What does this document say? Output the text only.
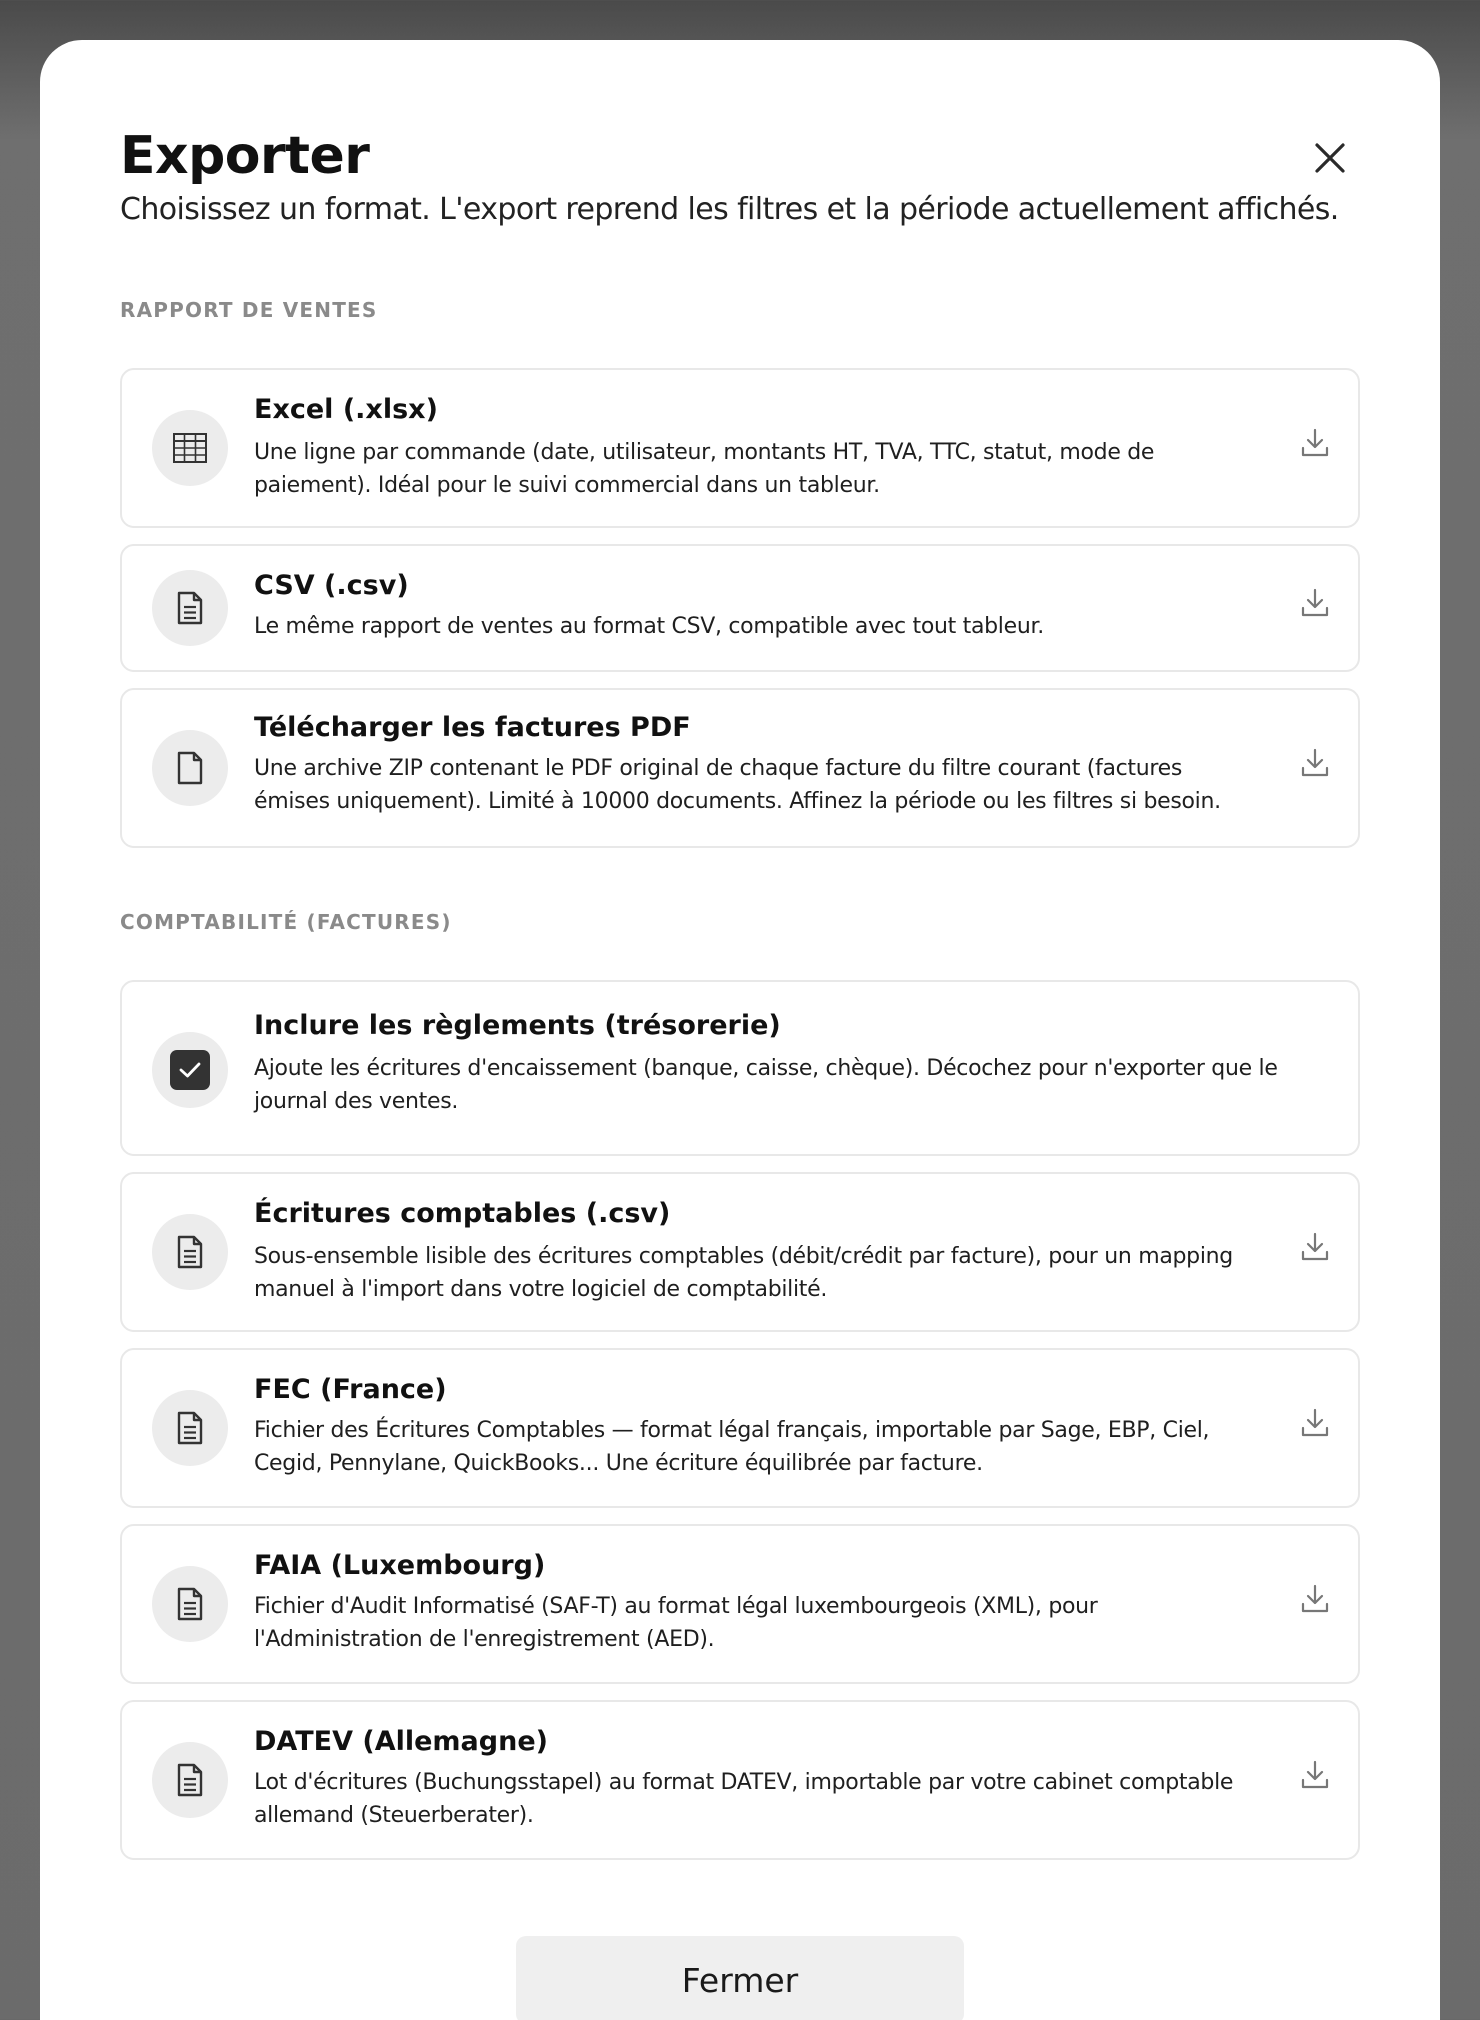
Exporter

Choisissez un format. L'export reprend les filtres et la période actuellement affichés.

RAPPORT DE VENTES
Excel (.xlsx)
Une ligne par commande (date, utilisateur, montants HT, TVA, TTC, statut, mode de paiement). Idéal pour le suivi commercial dans un tableur.
CSV (.csv)
Le même rapport de ventes au format CSV, compatible avec tout tableur.
Télécharger les factures PDF
Une archive ZIP contenant le PDF original de chaque facture du filtre courant (factures émises uniquement). Limité à 10000 documents. Affinez la période ou les filtres si besoin.
COMPTABILITÉ (FACTURES)
Inclure les règlements (trésorerie)
Ajoute les écritures d'encaissement (banque, caisse, chèque). Décochez pour n'exporter que le journal des ventes.
Écritures comptables (.csv)
Sous-ensemble lisible des écritures comptables (débit/crédit par facture), pour un mapping manuel à l'import dans votre logiciel de comptabilité.
FEC (France)
Fichier des Écritures Comptables — format légal français, importable par Sage, EBP, Ciel, Cegid, Pennylane, QuickBooks... Une écriture équilibrée par facture.
FAIA (Luxembourg)
Fichier d'Audit Informatisé (SAF-T) au format légal luxembourgeois (XML), pour l'Administration de l'enregistrement (AED).
DATEV (Allemagne)
Lot d'écritures (Buchungsstapel) au format DATEV, importable par votre cabinet comptable allemand (Steuerberater).
Fermer
